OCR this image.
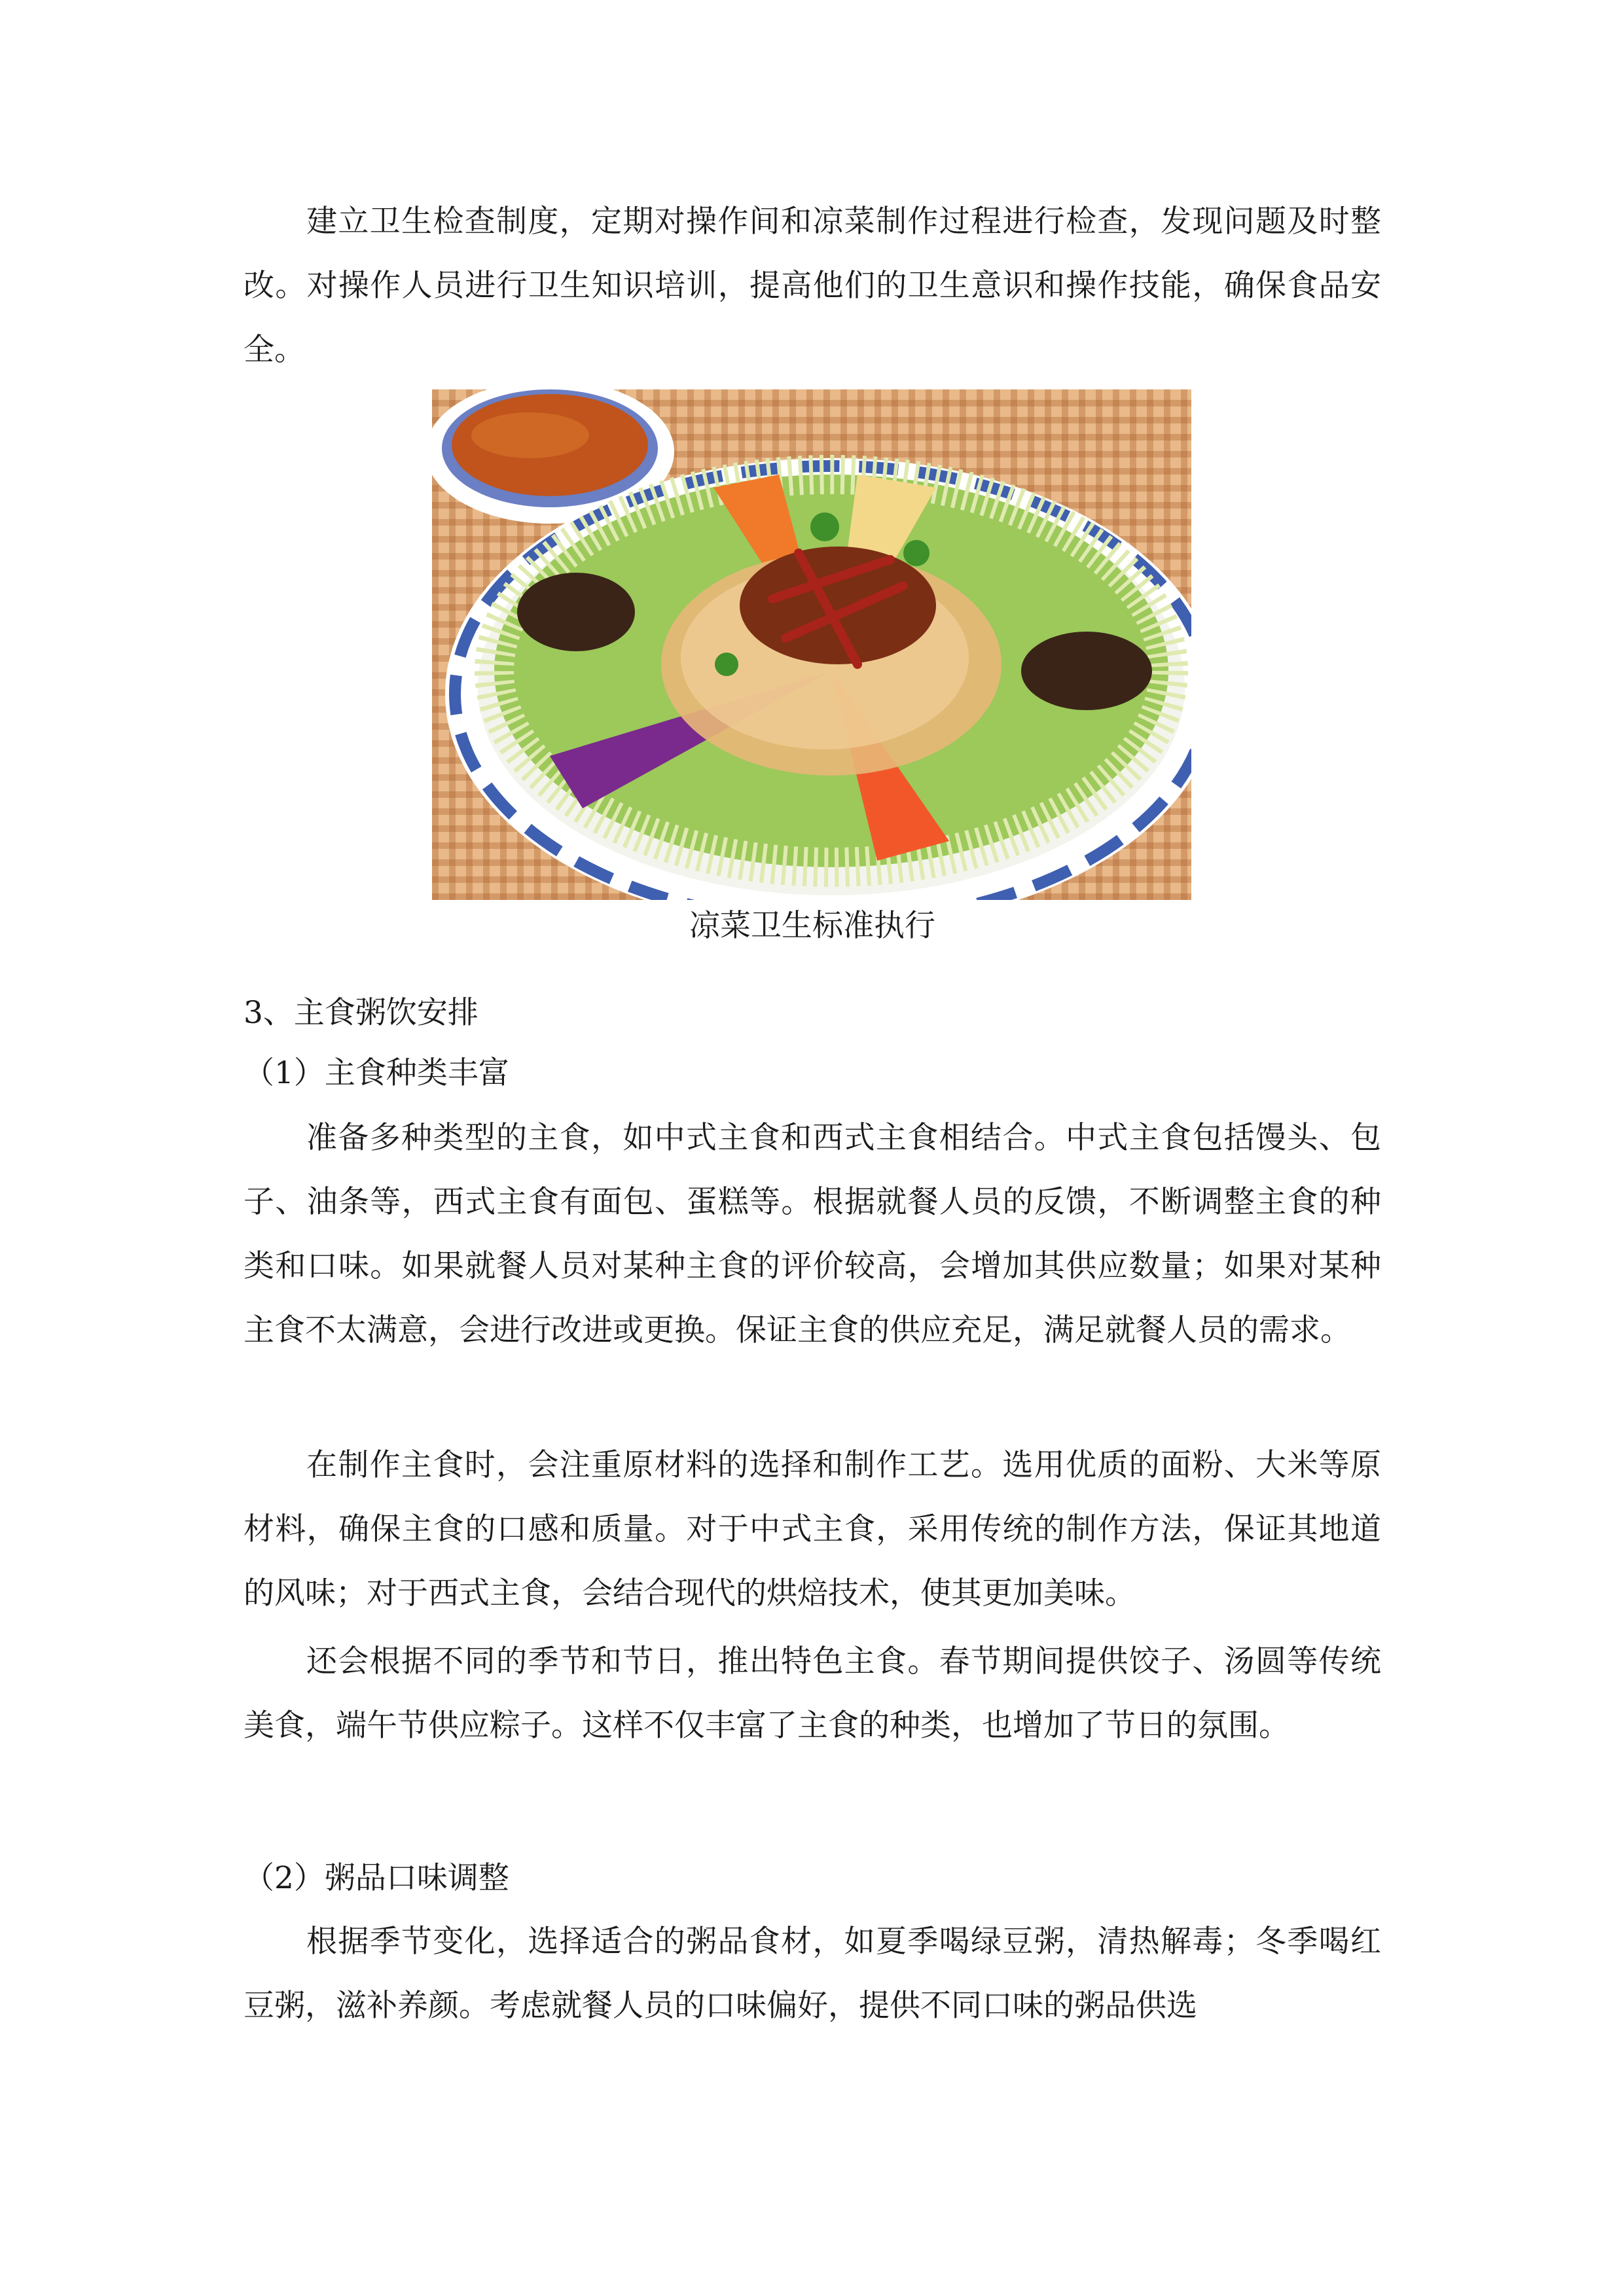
建立卫生检查制度，定期对操作间和凉菜制作过程进行检查，发现问题及时整改。对操作人员进行卫生知识培训，提高他们的卫生意识和操作技能，确保食品安全。

凉菜卫生标准执行

3、主食粥饮安排

（1）主食种类丰富

准备多种类型的主食，如中式主食和西式主食相结合。中式主食包括馒头、包子、油条等，西式主食有面包、蛋糕等。根据就餐人员的反馈，不断调整主食的种类和口味。如果就餐人员对某种主食的评价较高，会增加其供应数量；如果对某种主食不太满意，会进行改进或更换。保证主食的供应充足，满足就餐人员的需求。

在制作主食时，会注重原材料的选择和制作工艺。选用优质的面粉、大米等原材料，确保主食的口感和质量。对于中式主食，采用传统的制作方法，保证其地道的风味；对于西式主食，会结合现代的烘焙技术，使其更加美味。

还会根据不同的季节和节日，推出特色主食。春节期间提供饺子、汤圆等传统美食，端午节供应粽子。这样不仅丰富了主食的种类，也增加了节日的氛围。

（2）粥品口味调整

根据季节变化，选择适合的粥品食材，如夏季喝绿豆粥，清热解毒；冬季喝红豆粥，滋补养颜。考虑就餐人员的口味偏好，提供不同口味的粥品供选
